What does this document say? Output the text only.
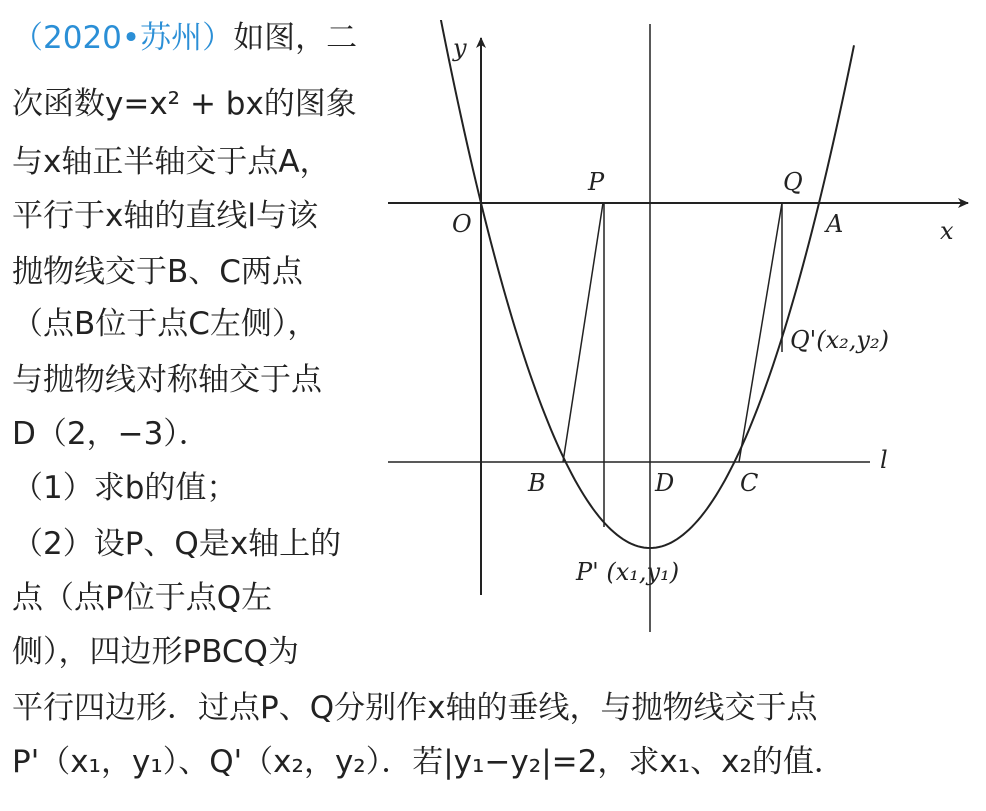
（2020•苏州）如图，二
次函数y=x² + bx的图象
与x轴正半轴交于点A，
平行于x轴的直线l与该
抛物线交于B、C两点
（点B位于点C左侧），
与抛物线对称轴交于点
D（2，−3）．
（1）求b的值；
（2）设P、Q是x轴上的
点（点P位于点Q左
侧），四边形PBCQ为
平行四边形．过点P、Q分别作x轴的垂线，与抛物线交于点
P'（x₁，y₁）、Q'（x₂，y₂）．若|y₁−y₂|=2，求x₁、x₂的值．
y
x
O	A
P	Q
l
B	D	C
P' (x₁,y₁)
Q'(x₂,y₂)
